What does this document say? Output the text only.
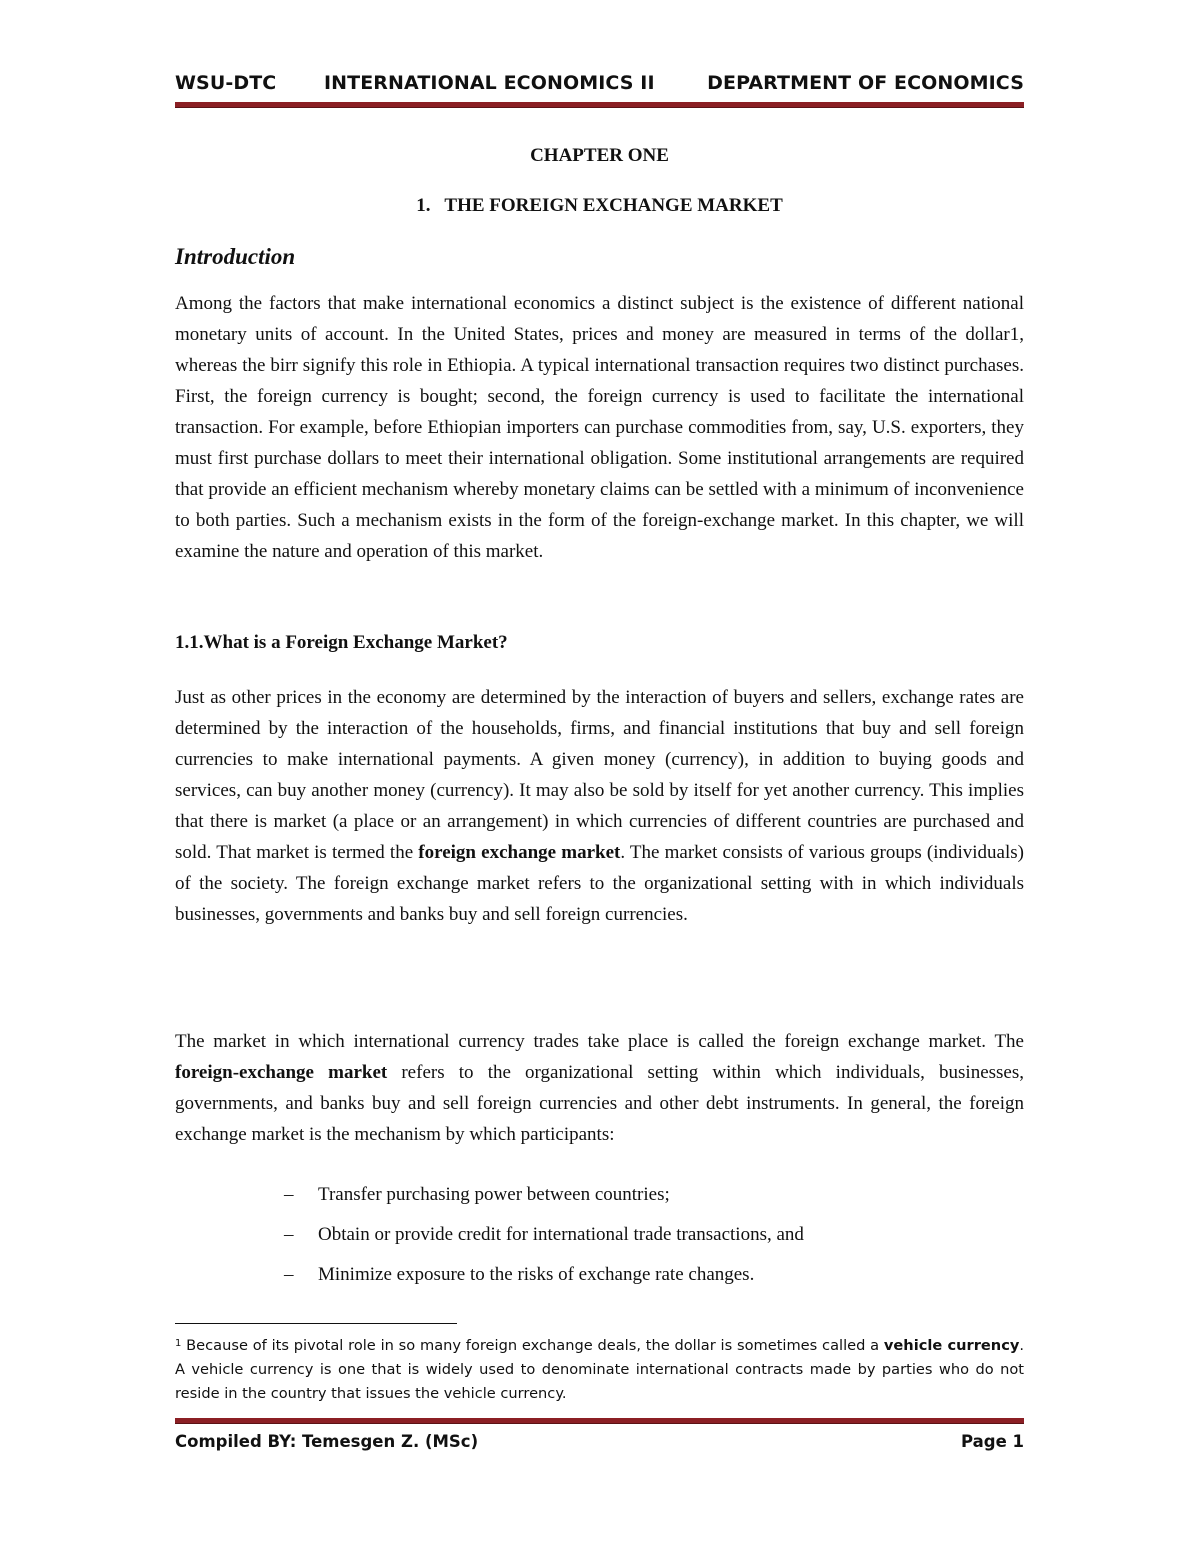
WSU-DTC	INTERNATIONAL ECONOMICS II	DEPARTMENT OF ECONOMICS
CHAPTER ONE
1. THE FOREIGN EXCHANGE MARKET
Introduction
Among the factors that make international economics a distinct subject is the existence of different national monetary units of account. In the United States, prices and money are measured in terms of the dollar1, whereas the birr signify this role in Ethiopia. A typical international transaction requires two distinct purchases. First, the foreign currency is bought; second, the foreign currency is used to facilitate the international transaction. For example, before Ethiopian importers can purchase commodities from, say, U.S. exporters, they must first purchase dollars to meet their international obligation. Some institutional arrangements are required that provide an efficient mechanism whereby monetary claims can be settled with a minimum of inconvenience to both parties. Such a mechanism exists in the form of the foreign-exchange market. In this chapter, we will examine the nature and operation of this market.
1.1.What is a Foreign Exchange Market?
Just as other prices in the economy are determined by the interaction of buyers and sellers, exchange rates are determined by the interaction of the households, firms, and financial institutions that buy and sell foreign currencies to make international payments. A given money (currency), in addition to buying goods and services, can buy another money (currency). It may also be sold by itself for yet another currency. This implies that there is market (a place or an arrangement) in which currencies of different countries are purchased and sold. That market is termed the foreign exchange market. The market consists of various groups (individuals) of the society. The foreign exchange market refers to the organizational setting with in which individuals businesses, governments and banks buy and sell foreign currencies.
The market in which international currency trades take place is called the foreign exchange market. The foreign-exchange market refers to the organizational setting within which individuals, businesses, governments, and banks buy and sell foreign currencies and other debt instruments. In general, the foreign exchange market is the mechanism by which participants:
– Transfer purchasing power between countries;
– Obtain or provide credit for international trade transactions, and
– Minimize exposure to the risks of exchange rate changes.
$^1$ Because of its pivotal role in so many foreign exchange deals, the dollar is sometimes called a vehicle currency. A vehicle currency is one that is widely used to denominate international contracts made by parties who do not reside in the country that issues the vehicle currency.
Compiled BY: Temesgen Z. (MSc)	Page 1
